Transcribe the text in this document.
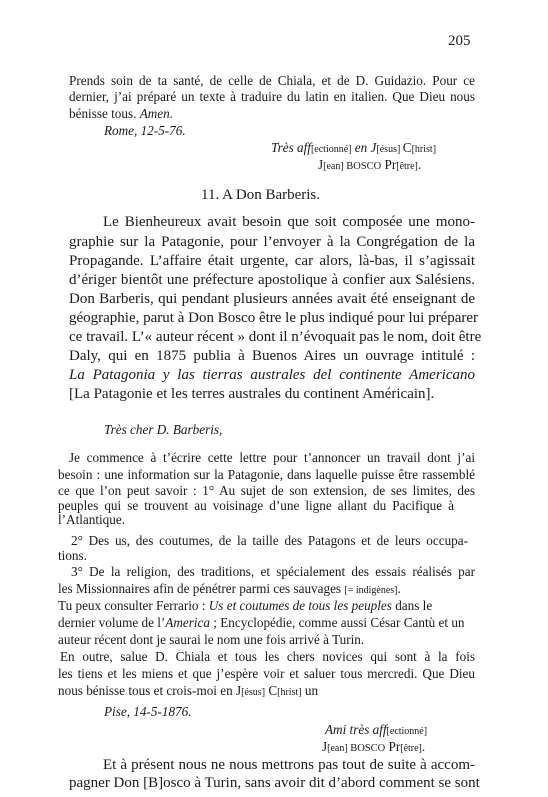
205
Prends soin de ta santé, de celle de Chiala, et de D. Guidazio. Pour ce
dernier, j’ai préparé un texte à traduire du latin en italien. Que Dieu nous
bénisse tous. Amen.
Rome, 12-5-76.
Très aff[ectionné] en J[ésus] C[hrist]
J[ean] BOSCO Pr[être].
11. A Don Barberis.
Le Bienheureux avait besoin que soit composée une mono-
graphie sur la Patagonie, pour l’envoyer à la Congrégation de la
Propagande. L’affaire était urgente, car alors, là-bas, il s’agissait
d’ériger bientôt une préfecture apostolique à confier aux Salésiens.
Don Barberis, qui pendant plusieurs années avait été enseignant de
géographie, parut à Don Bosco être le plus indiqué pour lui préparer
ce travail. L’« auteur récent » dont il n’évoquait pas le nom, doit être
Daly, qui en 1875 publia à Buenos Aires un ouvrage intitulé :
La Patagonia y las tierras australes del continente Americano
[La Patagonie et les terres australes du continent Américain].
Très cher D. Barberis,
Je commence à t’écrire cette lettre pour t’annoncer un travail dont j’ai
besoin : une information sur la Patagonie, dans laquelle puisse être rassemblé
ce que l’on peut savoir : 1° Au sujet de son extension, de ses limites, des
peuples qui se trouvent au voisinage d’une ligne allant du Pacifique à
l’Atlantique.
2° Des us, des coutumes, de la taille des Patagons et de leurs occupa-
tions.
3° De la religion, des traditions, et spécialement des essais réalisés par
les Missionnaires afin de pénétrer parmi ces sauvages [= indigènes].
Tu peux consulter Ferrario : Us et coutumes de tous les peuples dans le
dernier volume de l’America ; Encyclopédie, comme aussi César Cantù et un
auteur récent dont je saurai le nom une fois arrivé à Turin.
En outre, salue D. Chiala et tous les chers novices qui sont à la fois
les tiens et les miens et que j’espère voir et saluer tous mercredi. Que Dieu
nous bénisse tous et crois-moi en J[ésus] C[hrist] un
Pise, 14-5-1876.
Ami très aff[ectionné]
J[ean] BOSCO Pr[être].
Et à présent nous ne nous mettrons pas tout de suite à accom-
pagner Don [B]osco à Turin, sans avoir dit d’abord comment se sont
